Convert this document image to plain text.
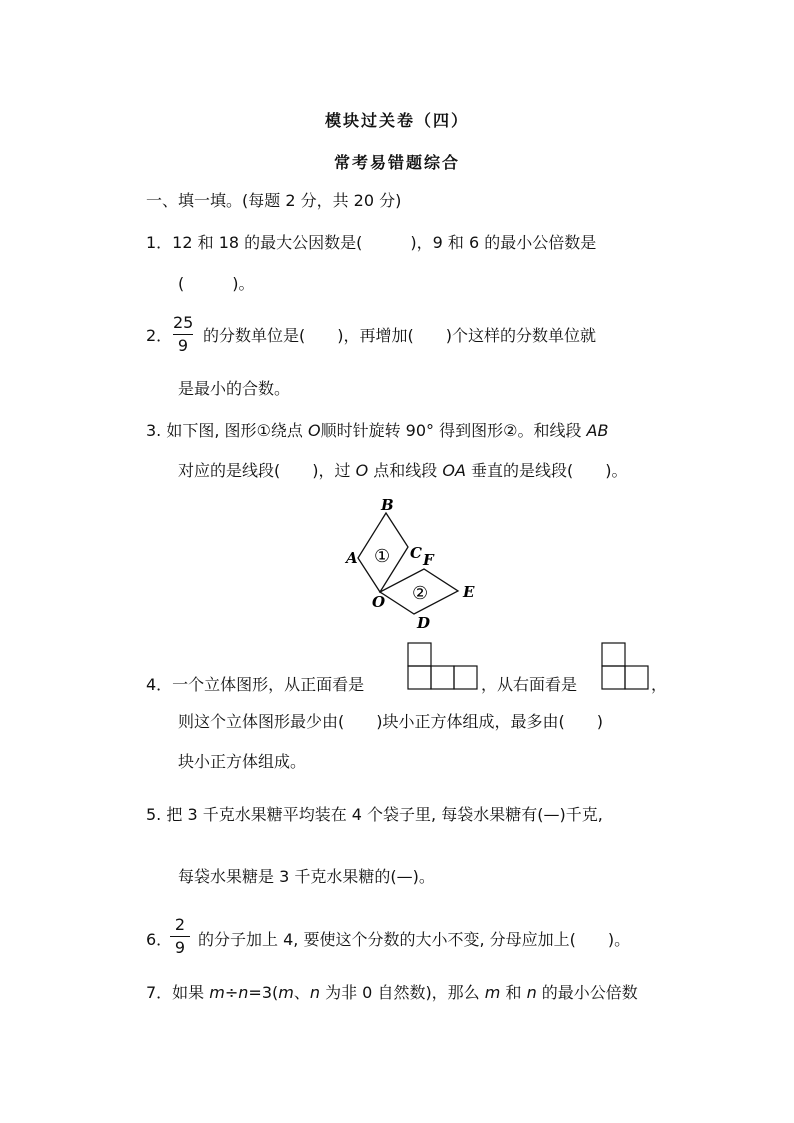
模块过关卷（四）
常考易错题综合
一、填一填。(每题 2 分，共 20 分)
1．12 和 18 的最大公因数是(　　　)，9 和 6 的最小公倍数是
(　　　)。
2．
25
9
的分数单位是(　　)，再增加(　　)个这样的分数单位就
是最小的合数。
3. 如下图, 图形①绕点 O顺时针旋转 90° 得到图形②。和线段 AB
对应的是线段(　　)，过 O 点和线段 OA 垂直的是线段(　　)。
A
B
C F
O
E
D
①
②
4．一个立体图形，从正面看是	，从右面看是	，
则这个立体图形最少由(　　)块小正方体组成，最多由(　　)
块小正方体组成。
5. 把 3 千克水果糖平均装在 4 个袋子里, 每袋水果糖有(—)千克,
每袋水果糖是 3 千克水果糖的(—)。
6．
2
9 的分子加上 4, 要使这个分数的大小不变, 分母应加上(　　)。
7．如果 m÷n=3(m、n 为非 0 自然数)，那么 m 和 n 的最小公倍数
